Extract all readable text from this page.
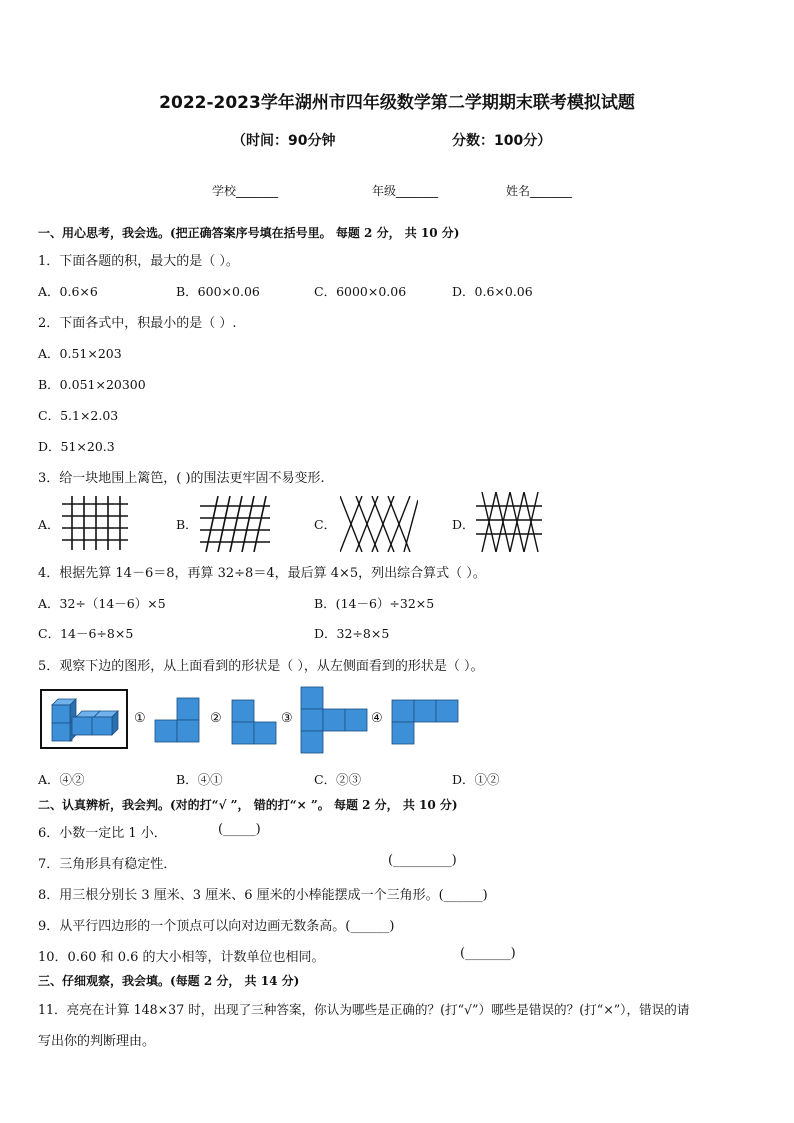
2022-2023学年湖州市四年级数学第二学期期末联考模拟试题
（时间：90分钟	分数：100分）
学校_______	年级_______	姓名_______
一、用心思考，我会选。(把正确答案序号填在括号里。 每题 2 分， 共 10 分)
1．下面各题的积，最大的是（ ）。
A．0.6×6	B．600×0.06	C．6000×0.06	D．0.6×0.06
2．下面各式中，积最小的是（ ）.
A．0.51×203
B．0.051×20300
C．5.1×2.03
D．51×20.3
3．给一块地围上篱笆，( )的围法更牢固不易变形.
A．	B．	C．	D．
4．根据先算 14－6＝8，再算 32÷8＝4，最后算 4×5，列出综合算式（ ）。
A．32÷（14－6）×5	B．(14－6）÷32×5
C．14－6÷8×5	D．32÷8×5
5．观察下边的图形，从上面看到的形状是（ ），从左侧面看到的形状是（ ）。
①	②	③	④
A．④②	B．④①	C．②③	D．①②
二、认真辨析，我会判。(对的打“√ ”， 错的打“× ”。 每题 2 分， 共 10 分)
6．小数一定比 1 小．	(_____)
7．三角形具有稳定性．	(_________)
8．用三根分别长 3 厘米、3 厘米、6 厘米的小棒能摆成一个三角形。(______)
9．从平行四边形的一个顶点可以向对边画无数条高。(______)
10．0.60 和 0.6 的大小相等，计数单位也相同。	(_______)
三、仔细观察，我会填。(每题 2 分， 共 14 分)
11．亮亮在计算 148×37 时，出现了三种答案，你认为哪些是正确的？(打“√”）哪些是错误的？(打“×”），错误的请
写出你的判断理由。
